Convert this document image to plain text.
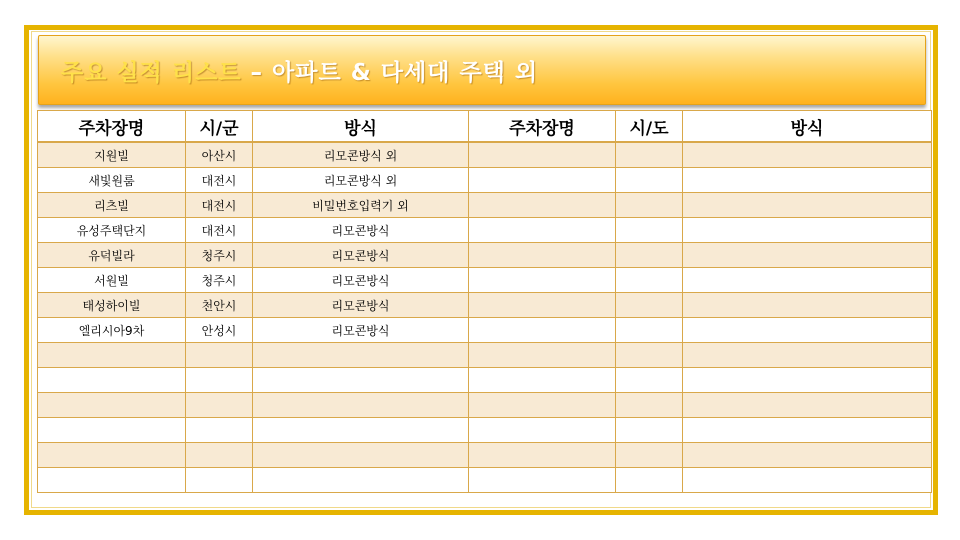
주요 실적 리스트 – 아파트 & 다세대 주택 외
주차장명	시/군	방식	주차장명	시/도	방식
지원빌	아산시	리모콘방식 외			
새빛원룸	대전시	리모콘방식 외			
리츠빌	대전시	비밀번호입력기 외			
유성주택단지	대전시	리모콘방식			
유덕빌라	청주시	리모콘방식			
서원빌	청주시	리모콘방식			
태성하이빌	천안시	리모콘방식			
엘리시아9차	안성시	리모콘방식			
